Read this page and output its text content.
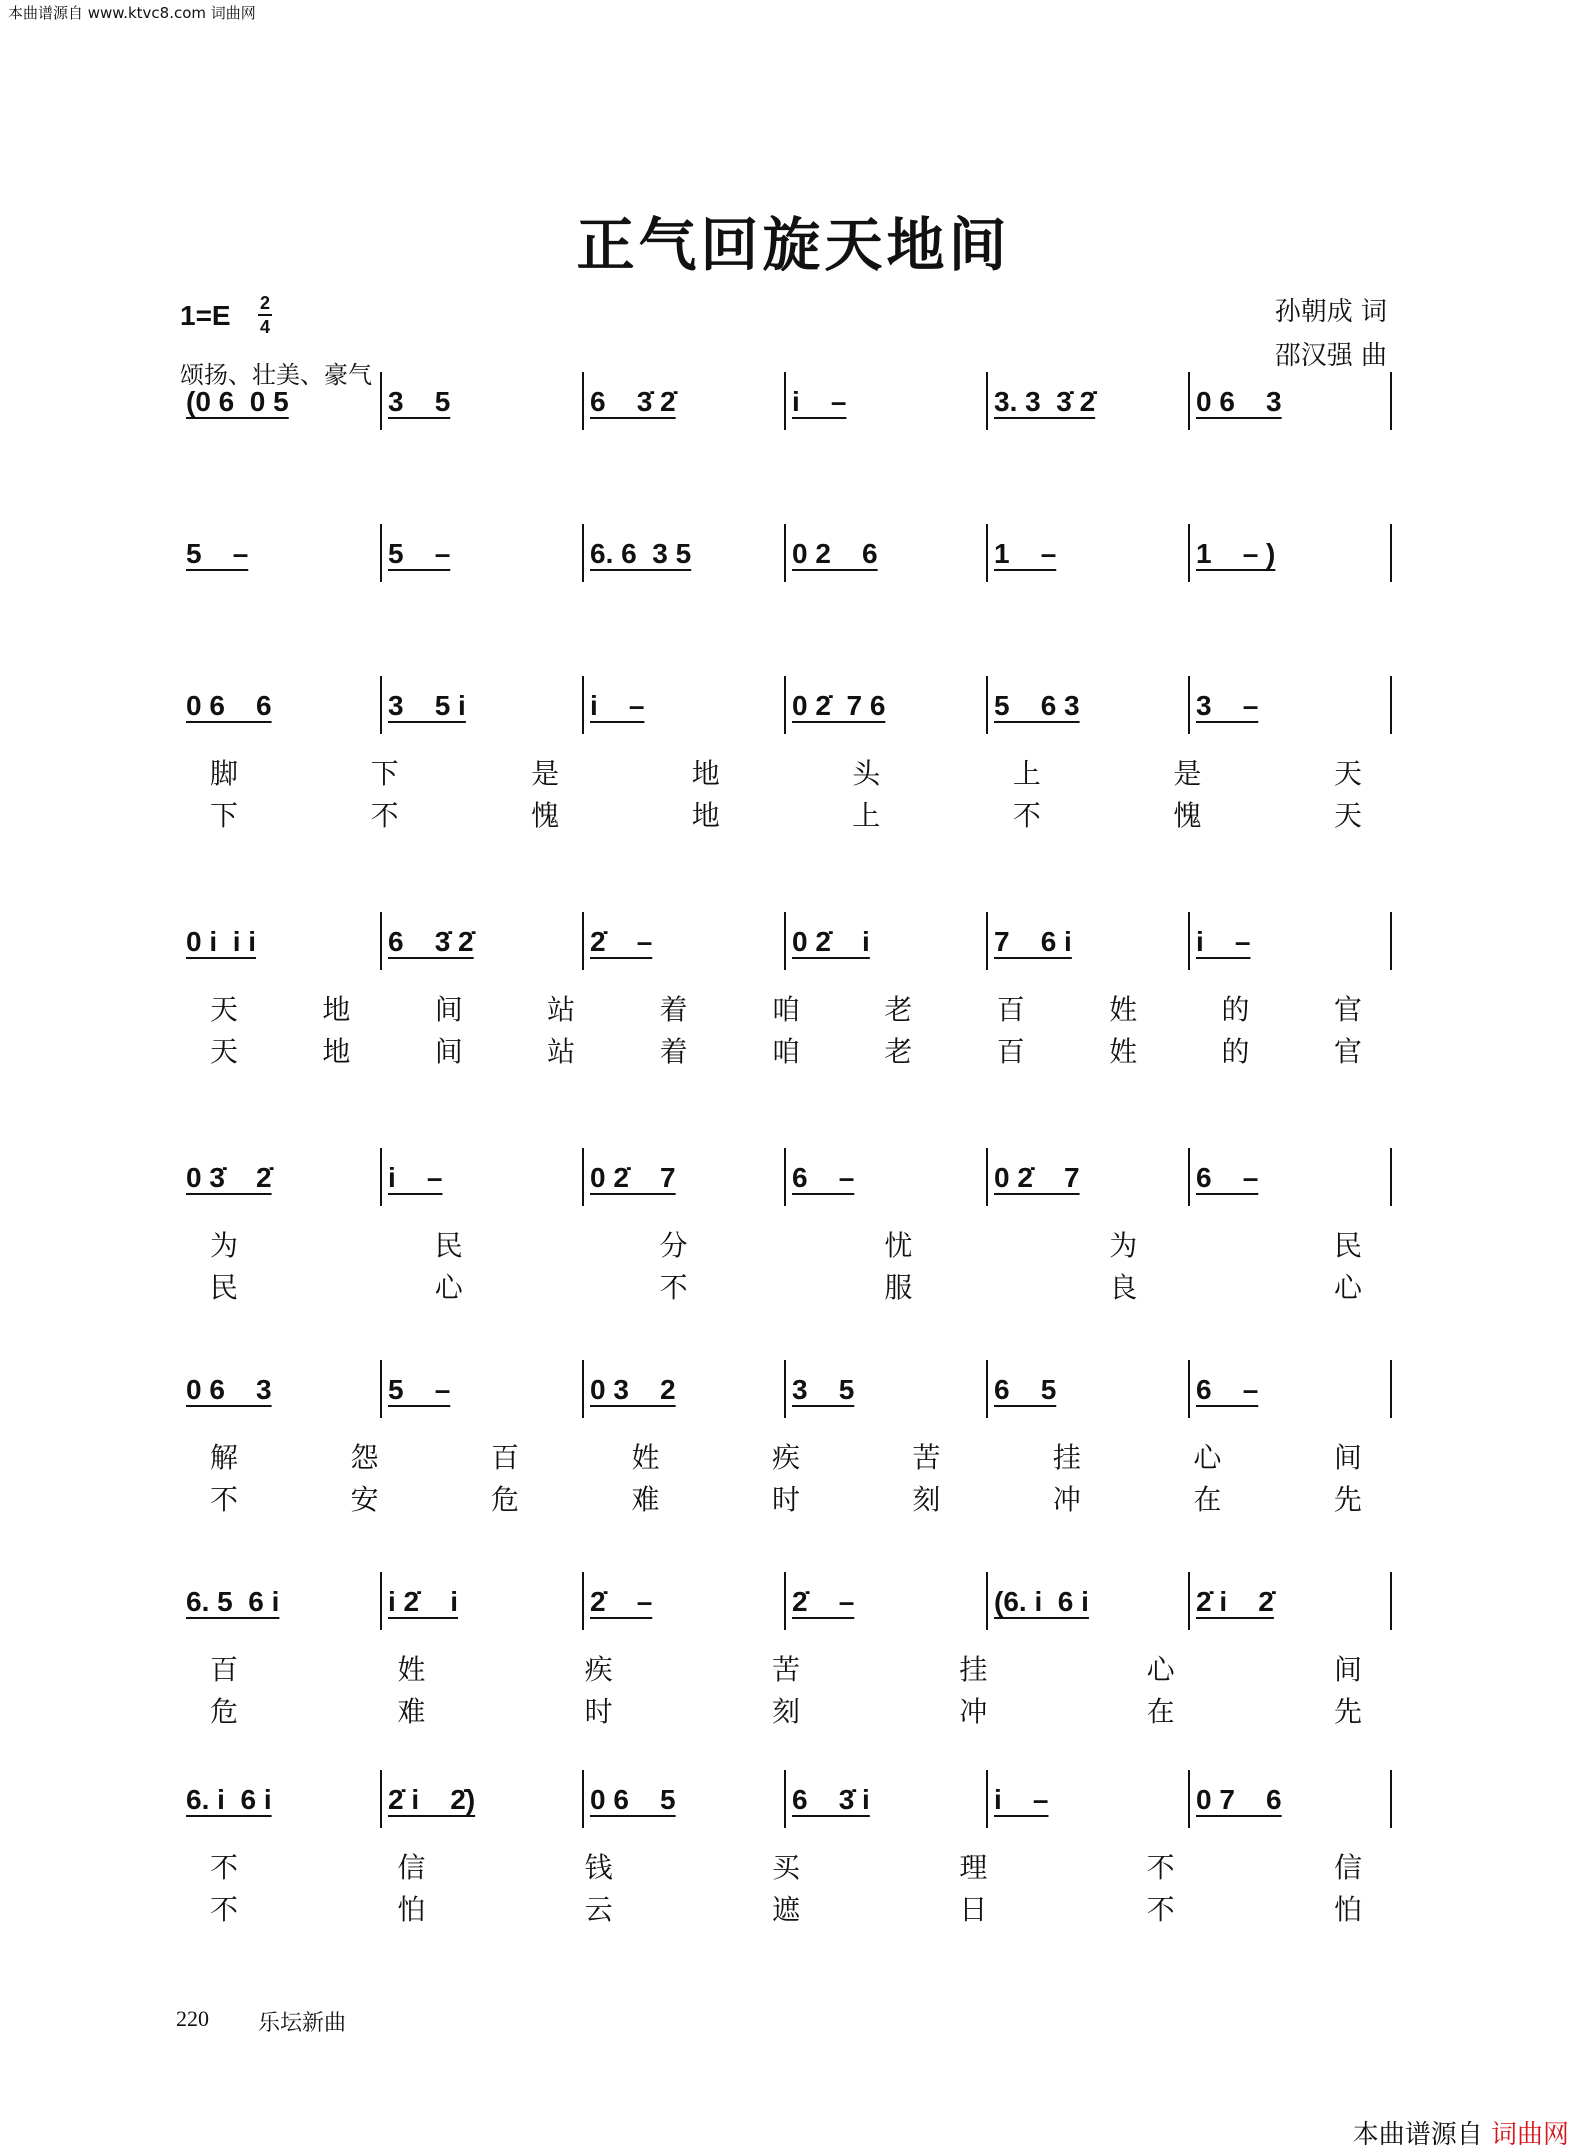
本曲谱源自 www.ktvc8.com 词曲网
正气回旋天地间
1=E 2
4
颂扬、壮美、豪气
孙朝成 词
邵汉强 曲
(0 6  0 5	3    5	6    3̇ 2̇	i    –	3. 3  3̇ 2̇	0 6    3
5    –	5    –	6. 6  3 5	0 2    6	1    –	1    – )
0 6    6	3    5 i	i    –	0 2̇  7 6	5    6 3	3    –
脚	下	是	地	头	上	是	天
下	不	愧	地	上	不	愧	天
0 i  i i	6    3̇ 2̇	2̇    –	0 2̇    i	7    6 i	i    –
天	地	间	站	着	咱	老	百	姓	的	官
天	地	间	站	着	咱	老	百	姓	的	官
0 3̇    2̇	i    –	0 2̇    7	6    –	0 2̇    7	6    –
为	民	分	忧	为	民
民	心	不	服	良	心
0 6    3	5    –	0 3    2	3    5	6    5	6    –
解	怨	百	姓	疾	苦	挂	心	间
不	安	危	难	时	刻	冲	在	先
6. 5  6 i	i 2̇    i	2̇    –	2̇    –	(6. i  6 i	2̇ i    2̇
百	姓	疾	苦	挂	心	间
危	难	时	刻	冲	在	先
6. i  6 i	2̇ i    2̇)	0 6    5	6    3̇ i	i    –	0 7    6
不	信	钱	买	理	不	信
不	怕	云	遮	日	不	怕
220 乐坛新曲
本曲谱源自 词曲网
